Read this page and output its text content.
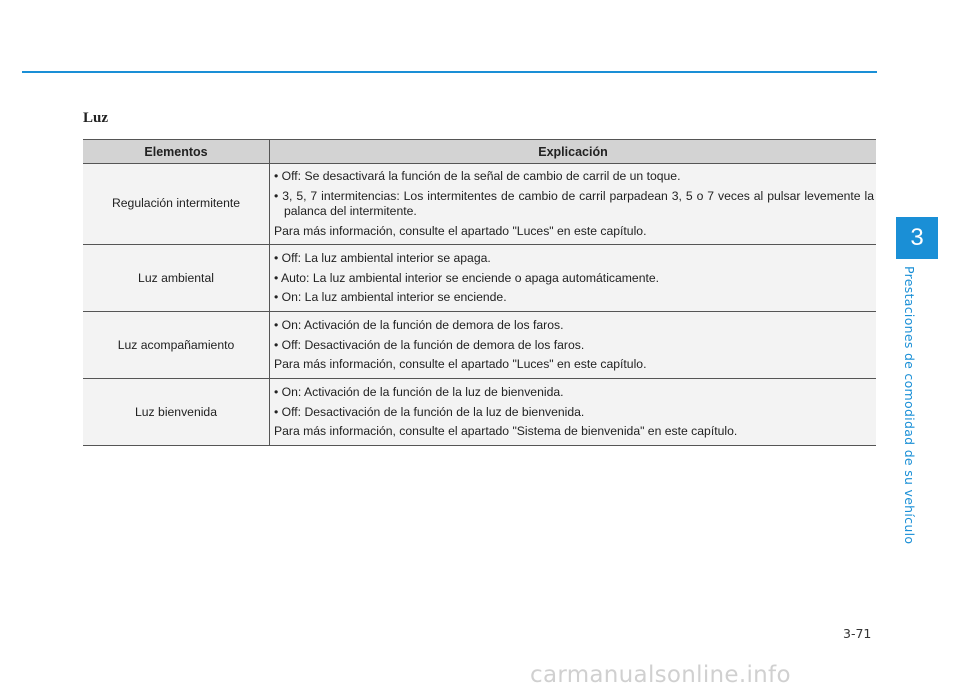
Luz
Elementos	Explicación
Regulación intermitente	• Off: Se desactivará la función de la señal de cambio de carril de un toque.
• 3, 5, 7 intermitencias: Los intermitentes de cambio de carril parpadean 3, 5 o 7 veces al pulsar levemente la palanca del intermitente.
Para más información, consulte el apartado "Luces" en este capítulo.

Luz ambiental	• Off: La luz ambiental interior se apaga.
• Auto: La luz ambiental interior se enciende o apaga automáticamente.
• On: La luz ambiental interior se enciende.

Luz acompañamiento	• On: Activación de la función de demora de los faros.
• Off: Desactivación de la función de demora de los faros.
Para más información, consulte el apartado "Luces" en este capítulo.

Luz bienvenida	• On: Activación de la función de la luz de bienvenida.
• Off: Desactivación de la función de la luz de bienvenida.
Para más información, consulte el apartado "Sistema de bienvenida" en este capítulo.
3
Prestaciones de comodidad de su vehículo
3-71
carmanualsonline.info
